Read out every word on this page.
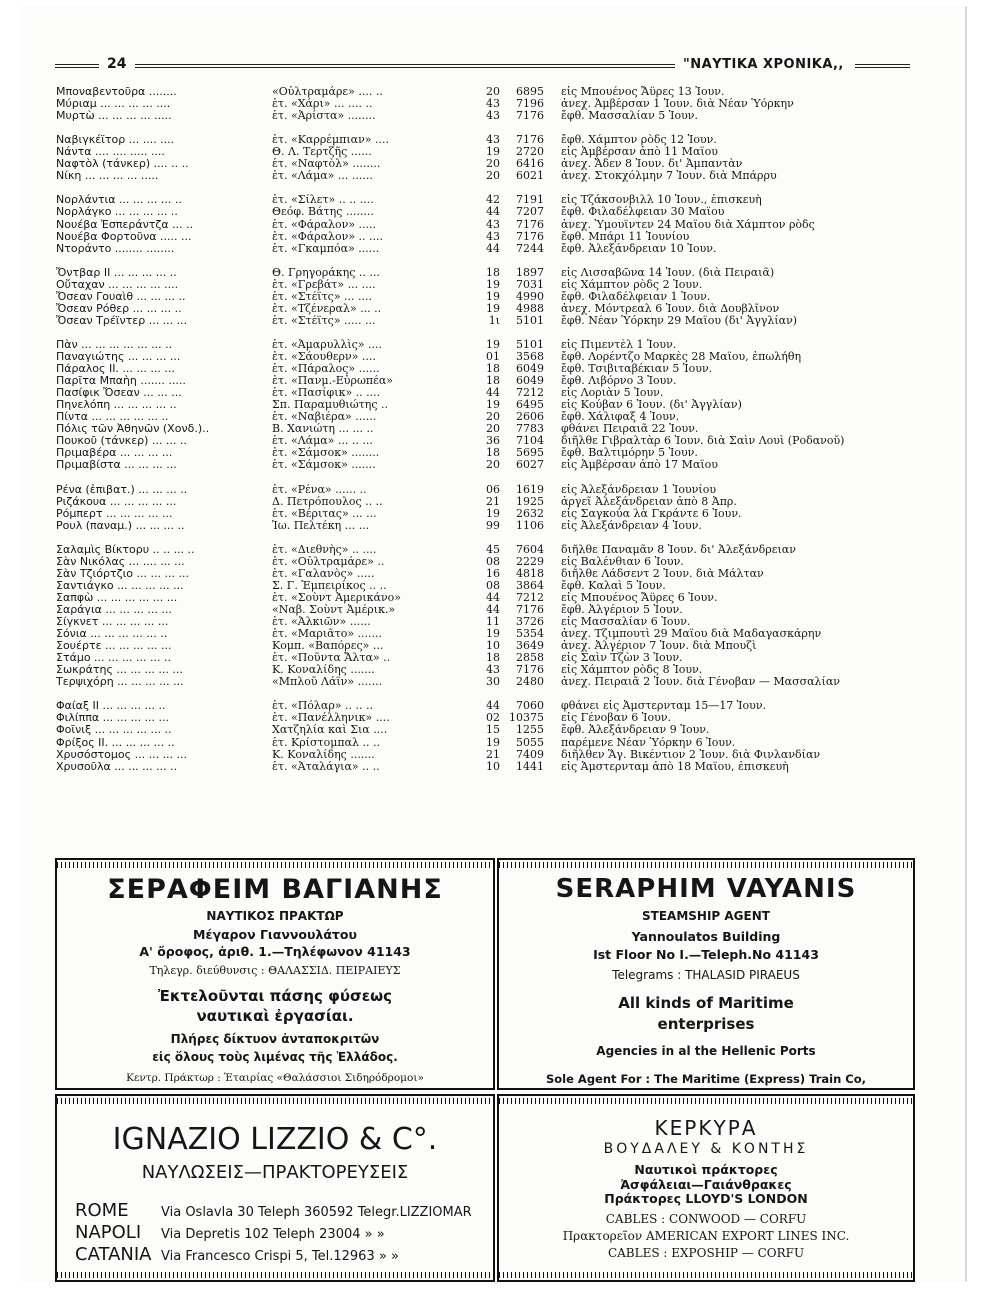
24	"ΝΑΥΤΙΚΑ ΧΡΟΝΙΚΑ,,
Μποναβεντοῦρα ........	«Οὐλτραμάρε» .... ..	20	6895 εἰς Μπουένος Ἄϋρες 13 Ἰουν.
Μύριαμ ... ... ... ... ....	ἑτ. «Χάρι» ... .... ..	43	7196 ἀνεχ. Ἀμβέρσαν 1 Ἰουν. διὰ Νέαν Ὑόρκην
Μυρτὼ ... ... ... ... .....	ἑτ. «Ἀρίστα» ........	43	7176 ἔφθ. Μασσαλίαν 5 Ἰουν.
Ναβιγκέϊτορ ... .... ....	ἑτ. «Καρρέμπιαν» ....	43	7176 ἔφθ. Χάμπτον ρὸδς 12 Ἰουν.
Νάντα .... .... ..... ....	Θ. Λ. Τερτζῆς ......	19	2720 εἰς Ἀμβέρσαν ἀπὸ 11 Μαΐου
Ναφτὸλ (τάνκερ) .... .. ..	ἑτ. «Ναφτὸλ» ........	20	6416 ἀνεχ. Ἄδεν 8 Ἰουν. δι' Ἀμπαντὰν
Νίκη ... ... ... ... .....	ἑτ. «Λάμα» ... ......	20	6021 ἀνεχ. Στοκχόλμην 7 Ἰουν. διὰ Μπάρρυ
Νορλάντια ... ... ... ... ..	ἑτ. «Σίλετ» .. .. ....	42	7191 εἰς Τζάκσονβιλλ 10 Ἰουν., ἐπισκευὴ
Νορλάγκο ... ... ... ... ..	Θεόφ. Βάτης ........	44	7207 ἔφθ. Φιλαδέλφειαν 30 Μαΐου
Νουέβα Ἐσπεράντζα ... ..	ἑτ. «Φάραλον» .....	43	7176 ἀνεχ. Ὑμουΐντεν 24 Μαΐου διὰ Χάμπτον ρὸδς
Νουέβα Φορτοῦνα ..... ...	ἑτ. «Φάραλον» .. ....	43	7176 ἔφθ. Μπάρι 11 Ἰουνίου
Ντοράντο ........ ........	ἑτ. «Γκαμπόα» ......	44	7244 ἔφθ. Ἀλεξάνδρειαν 10 Ἰουν.
Ὄντβαρ ΙΙ ... ... ... ... ..	Θ. Γρηγοράκης .. ...	18	1897 εἰς Λισσαβῶνα 14 Ἰουν. (διὰ Πειραιᾶ)
Οὔταχαν ... ... ... ... ....	ἑτ. «Γρεβάτ» ... ....	19	7031 εἰς Χάμπτον ρὸδς 2 Ἰουν.
Ὄσεαν Γουαὶθ ... ... ... ..	ἑτ. «Στέϊτς» ... ....	19	4990 ἔφθ. Φιλαδέλφειαν 1 Ἰουν.
Ὄσεαν Ρόθερ ... ... ... ..	ἑτ. «Τζένεραλ» ... ..	19	4988 ἀνεχ. Μόντρεαλ 6 Ἰουν. διὰ Δουβλῖνον
Ὄσεαν Τρέϊντερ ... ... ...	ἑτ. «Στέϊτς» ..... ...	1ι	5101 ἔφθ. Νέαν Ὑόρκην 29 Μαΐου (δι' Ἀγγλίαν)
Πὰν ... ... ... ... ... ... ..	ἑτ. «Ἀμαρυλλὶς» ....	19	5101 εἰς Πιμεντὲλ 1 Ἰουν.
Παναγιώτης ... ... ... ...	ἑτ. «Σάουθερν» ....	01	3568 ἔφθ. Λορέντζο Μαρκὲς 28 Μαΐου, ἐπωλήθη
Πάραλος ΙΙ. ... ... ... ...	ἑτ. «Πάραλος» ......	18	6049 ἔφθ. Τσιβιταβέκιαν 5 Ἰουν.
Παρῖτα Μπαὴη ....... .....	ἑτ. «Πανμ.-Εὐρωπέα»	18	6049 ἔφθ. Λιβόρνο 3 Ἰουν.
Πασίφικ Ὄσεαν ... ... ...	ἑτ. «Πασίφικ» .. ....	44	7212 εἰς Λοριὰν 5 Ἰουν.
Πηνελόπη ... ... ... ... ..	Σπ. Παραμυθιώτης ..	19	6495 εἰς Κούβαν 6 Ἰουν. (δι' Ἀγγλίαν)
Πίντα ... ... ... ... ... ..	ἑτ. «Ναβιέρα» ......	20	2606 ἔφθ. Χάλιφαξ 4 Ἰουν.
Πόλις τῶν Ἀθηνῶν (Χονδ.)..	Β. Χανιώτη ... ... ..	20	7783 φθάνει Πειραιᾶ 22 Ἰουν.
Πουκοῦ (τάνκερ) ... ... ..	ἑτ. «Λάμα» ... .. ...	36	7104 διῆλθε Γιβραλτὰρ 6 Ἰουν. διὰ Σαὶν Λουὶ (Ροδανοῦ)
Πριμαβέρα ... ... ... ...	ἑτ. «Σάμσοκ» ........	18	5695 ἔφθ. Βαλτιμόρην 5 Ἰουν.
Πριμαβίστα ... ... ... ...	ἑτ. «Σάμσοκ» .......	20	6027 εἰς Ἀμβέρσαν ἀπὸ 17 Μαΐου
Ρένα (ἐπιβατ.) ... ... ... ..	ἑτ. «Ρένα» ...... ..	06	1619 εἰς Ἀλεξάνδρειαν 1 Ἰουνίου
Ριζάκουα ... ... ... ... ...	Δ. Πετρόπουλος .. ..	21	1925 ἀργεῖ Ἀλεξάνδρειαν ἀπὸ 8 Ἀπρ.
Ρόμπερτ ... ... ... ... ...	ἑτ. «Βέριτας» ... ...	19	2632 εἰς Σαγκούα λὰ Γκράντε 6 Ἰουν.
Ρουλ (παναμ.) ... ... ... ..	Ἰω. Πελτέκη ... ...	99	1106 εἰς Ἀλεξάνδρειαν 4 Ἰουν.
Σαλαμὶς Βίκτορυ .. .. ... ..	ἑτ. «Διεθνὴς» .. ....	45	7604 διῆλθε Παναμᾶν 8 Ἰουν. δι' Ἀλεξάνδρειαν
Σὰν Νικόλας ... .... ... ...	ἑτ. «Οὐλτραμάρε» ..	08	2229 εἰς Βαλένθιαν 6 Ἰουν.
Σὰν Τζιόρτζιο ... ... ... ...	ἑτ. «Γαλανὸς» .....	16	4818 διῆλθε Λάδσεντ 2 Ἰουν. διὰ Μάλταν
Σαντιάγκο ... ... ... ... ...	Σ. Γ. Ἐμπειρίκος .. ..	08	3864 ἔφθ. Καλαὶ 5 Ἰουν.
Σαπφὼ ... ... ... ... ... ...	ἑτ. «Σοὺντ Ἀμερικάνο»	44	7212 εἰς Μπουένος Ἄϋρες 6 Ἰουν.
Σαράγια ... ... ... ... ...	«Ναβ. Σοὺντ Ἀμέρικ.»	44	7176 ἔφθ. Ἀλγέριον 5 Ἰουν.
Σίγκνετ ... ... ... ... ...	ἑτ. «Ἀλκιῶν» ......	11	3726 εἰς Μασσαλίαν 6 Ἰουν.
Σόνια ... ... ... ... ... ..	ἑτ. «Μαριᾶτο» .......	19	5354 ἀνεχ. Τζιμπουτὶ 29 Μαΐου διὰ Μαδαγασκάρην
Σουέρτε ... ... ... ... ...	Κομπ. «Βαπόρες» ...	10	3649 ἀνεχ. Ἀλγέριον 7 Ἰουν. διὰ Μπουζὶ
Στάμο ... ... ... ... ... ..	ἑτ. «Ποῦντα Ἄλτα» ..	18	2858 εἰς Σαὶν Τζὼν 3 Ἰουν.
Σωκράτης ... ... ... ... ...	Κ. Κοναλίδης .......	43	7176 εἰς Χάμπτον ρὸδς 8 Ἰουν.
Τερψιχόρη ... ... ... ... ...	«Μπλοῦ Λάϊν» .......	30	2480 ἀνεχ. Πειραιᾶ 2 Ἰουν. διὰ Γένοβαν — Μασσαλίαν
Φαίαξ ΙΙ ... ... ... ... ..	ἑτ. «Πόλαρ» .. .. ..	44	7060 φθάνει εἰς Ἀμστερνταμ 15—17 Ἰουν.
Φιλίππα ... ... ... ... ...	ἑτ. «Πανέλληνικ» ....	02 10375 εἰς Γένοβαν 6 Ἰουν.
Φοῖνιξ ... ... ... ... ... ..	Χατζηλία καὶ Σια ....	15	1255 ἔφθ. Ἀλεξάνδρειαν 9 Ἰουν.
Φρίξος ΙΙ. ... ... ... ... ..	ἑτ. Κρίστομπαλ .. ..	19	5055 παρέμενε Νέαν Ὑόρκην 6 Ἰουν.
Χρυσόστομος ... ... ... ...	Κ. Κοναλίδης .......	21	7409 διῆλθεν Ἅγ. Βικέντιον 2 Ἰουν. διὰ Φινλανδίαν
Χρυσοῦλα ... ... ... ... ..	ἑτ. «Ἀταλάγια» .. ..	10	1441 εἰς Ἀμστερνταμ ἀπὸ 18 Μαΐου, ἐπισκευὴ
ΣΕΡΑΦΕΙΜ ΒΑΓΙΑΝΗΣ
ΝΑΥΤΙΚΟΣ ΠΡΑΚΤΩΡ
Μέγαρον Γιαννουλάτου
Α' ὄροφος, ἀριθ. 1.—Τηλέφωνον 41143
Τηλεγρ. διεύθυνσις : ΘΑΛΑΣΣΙΔ. ΠΕΙΡΑΙΕΥΣ
Ἐκτελοῦνται πάσης φύσεως
ναυτικαὶ ἐργασίαι.
Πλήρες δίκτυον ἀνταποκριτῶν
εἰς ὅλους τοὺς λιμένας τῆς Ἑλλάδος.
Κεντρ. Πράκτωρ : Ἑταιρίας «Θαλάσσιοι Σιδηρόδρομοι»
SERAPHIM VAYANIS
STEAMSHIP AGENT
Yannoulatos Building
Ist Floor No I.—Teleph.No 41143
Telegrams : THALASID PIRAEUS
All kinds of Maritime
enterprises
Agencies in al the Hellenic Ports
Sole Agent For : The Maritime (Express) Train Co,
IGNAZIO LIZZIO & C°.
ΝΑΥΛΩΣΕΙΣ—ΠΡΑΚΤΟΡΕΥΣΕΙΣ
ROME Via Oslavla 30 Teleph 360592 Telegr.LIZZIOMAR
NAPOLI Via Depretis 102 Teleph 23004 » »
CATANIA Via Francesco Crispi 5, Tel.12963 » »
ΚΕΡΚΥΡΑ
ΒΟΥΔΑΛΕΥ & ΚΟΝΤΗΣ
Ναυτικοὶ πράκτορες
Ἀσφάλειαι—Γαιάνθρακες
Πράκτορες LLOYD'S LONDON
CABLES : CONWOOD — CORFU
Πρακτορεῖον AMERICAN EXPORT LINES INC.
CABLES : EXPOSHIP — CORFU
